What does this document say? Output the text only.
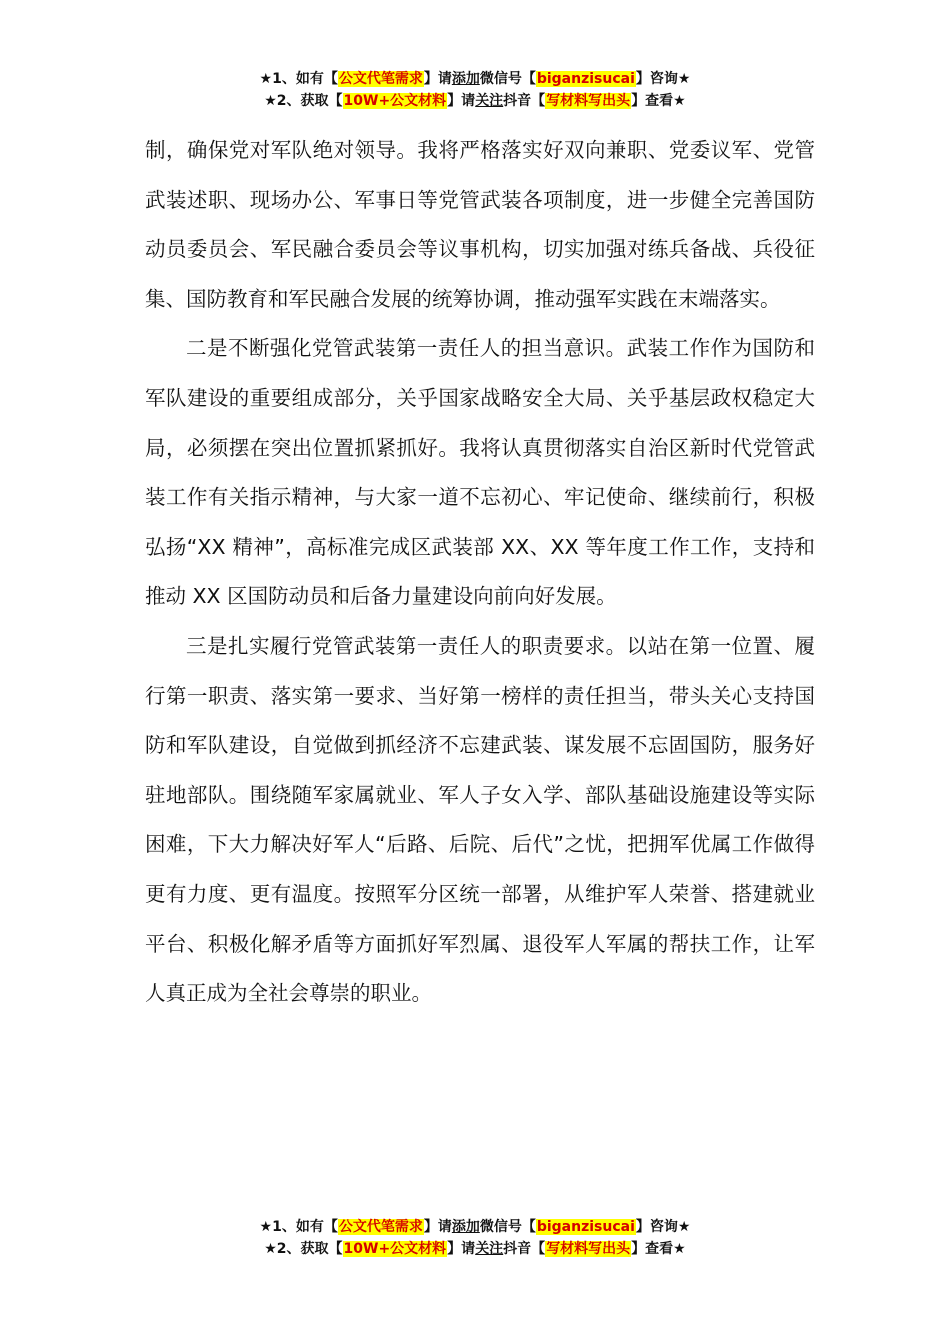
★1、如有【公文代笔需求】请添加微信号【biganzisucai】咨询★
★2、获取【10W+公文材料】请关注抖音【写材料写出头】查看★

制，确保党对军队绝对领导。我将严格落实好双向兼职、党委议军、党管武装述职、现场办公、军事日等党管武装各项制度，进一步健全完善国防动员委员会、军民融合委员会等议事机构，切实加强对练兵备战、兵役征集、国防教育和军民融合发展的统筹协调，推动强军实践在末端落实。

二是不断强化党管武装第一责任人的担当意识。武装工作作为国防和军队建设的重要组成部分，关乎国家战略安全大局、关乎基层政权稳定大局，必须摆在突出位置抓紧抓好。我将认真贯彻落实自治区新时代党管武装工作有关指示精神，与大家一道不忘初心、牢记使命、继续前行，积极弘扬“XX 精神”，高标准完成区武装部 XX、XX 等年度工作工作，支持和推动 XX 区国防动员和后备力量建设向前向好发展。

三是扎实履行党管武装第一责任人的职责要求。以站在第一位置、履行第一职责、落实第一要求、当好第一榜样的责任担当，带头关心支持国防和军队建设，自觉做到抓经济不忘建武装、谋发展不忘固国防，服务好驻地部队。围绕随军家属就业、军人子女入学、部队基础设施建设等实际困难，下大力解决好军人“后路、后院、后代”之忧，把拥军优属工作做得更有力度、更有温度。按照军分区统一部署，从维护军人荣誉、搭建就业平台、积极化解矛盾等方面抓好军烈属、退役军人军属的帮扶工作，让军人真正成为全社会尊崇的职业。

★1、如有【公文代笔需求】请添加微信号【biganzisucai】咨询★
★2、获取【10W+公文材料】请关注抖音【写材料写出头】查看★
